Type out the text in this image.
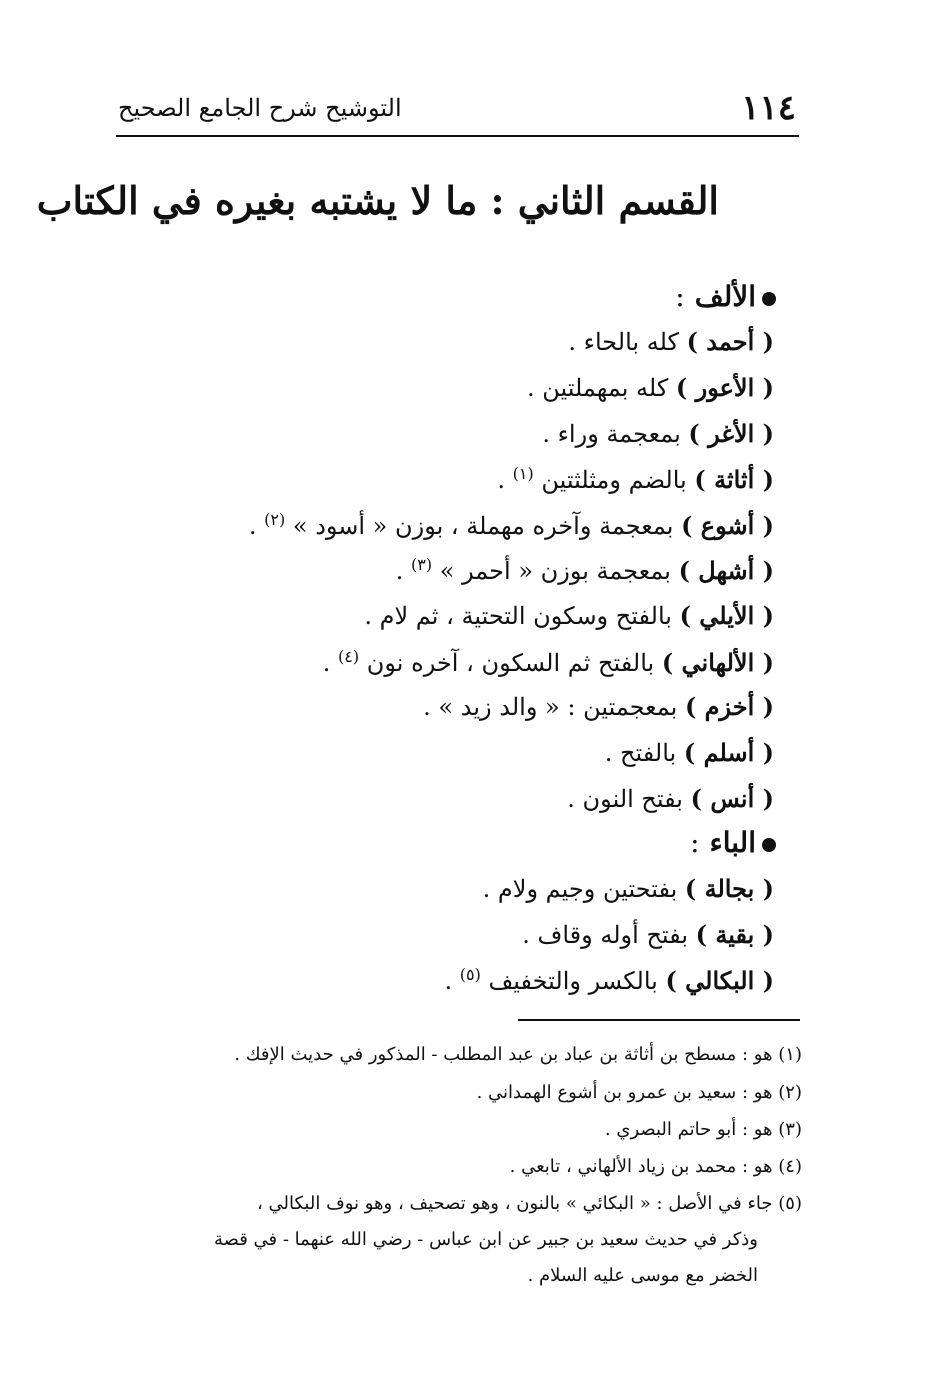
١١٤
التوشيح شرح الجامع الصحيح
القسم الثاني : ما لا يشتبه بغيره في الكتاب
الألف:
( أحمد ) كله بالحاء .
( الأعور ) كله بمهملتين .
( الأغر ) بمعجمة وراء .
( أثاثة ) بالضم ومثلثتين $^{(١)}$ .
( أشوع ) بمعجمة وآخره مهملة ، بوزن « أسود » $^{(٢)}$ .
( أشهل ) بمعجمة بوزن « أحمر » $^{(٣)}$ .
( الأيلي ) بالفتح وسكون التحتية ، ثم لام .
( الألهاني ) بالفتح ثم السكون ، آخره نون $^{(٤)}$ .
( أخزم ) بمعجمتين : « والد زيد » .
( أسلم ) بالفتح .
( أنس ) بفتح النون .
الباء:
( بجالة ) بفتحتين وجيم ولام .
( بقية ) بفتح أوله وقاف .
( البكالي ) بالكسر والتخفيف $^{(٥)}$ .
(١) هو : مسطح بن أثاثة بن عباد بن عبد المطلب - المذكور في حديث الإفك .
(٢) هو : سعيد بن عمرو بن أشوع الهمداني .
(٣) هو : أبو حاتم البصري .
(٤) هو : محمد بن زياد الألهاني ، تابعي .
(٥) جاء في الأصل : « البكائي » بالنون ، وهو تصحيف ، وهو نوف البكالي ،
وذكر في حديث سعيد بن جبير عن ابن عباس - رضي الله عنهما - في قصة
الخضر مع موسى عليه السلام .
